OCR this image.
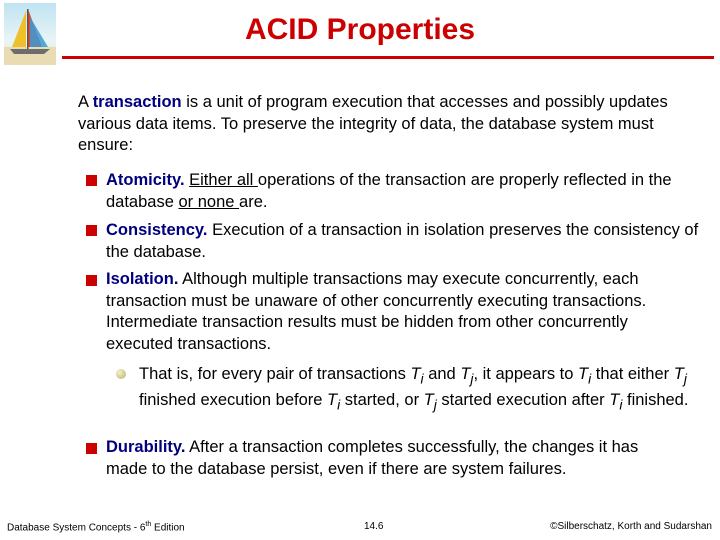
ACID Properties
A transaction is a unit of program execution that accesses and possibly updates various data items. To preserve the integrity of data, the database system must ensure:
Atomicity. Either all operations of the transaction are properly reflected in the database or none are.
Consistency. Execution of a transaction in isolation preserves the consistency of the database.
Isolation. Although multiple transactions may execute concurrently, each transaction must be unaware of other concurrently executing transactions. Intermediate transaction results must be hidden from other concurrently executed transactions.
That is, for every pair of transactions $T_i$ and $T_j$, it appears to $T_i$ that either $T_j$ finished execution before $T_i$ started, or $T_j$ started execution after $T_i$ finished.
Durability. After a transaction completes successfully, the changes it has made to the database persist, even if there are system failures.
Database System Concepts - 6th Edition	14.6	©Silberschatz, Korth and Sudarshan
